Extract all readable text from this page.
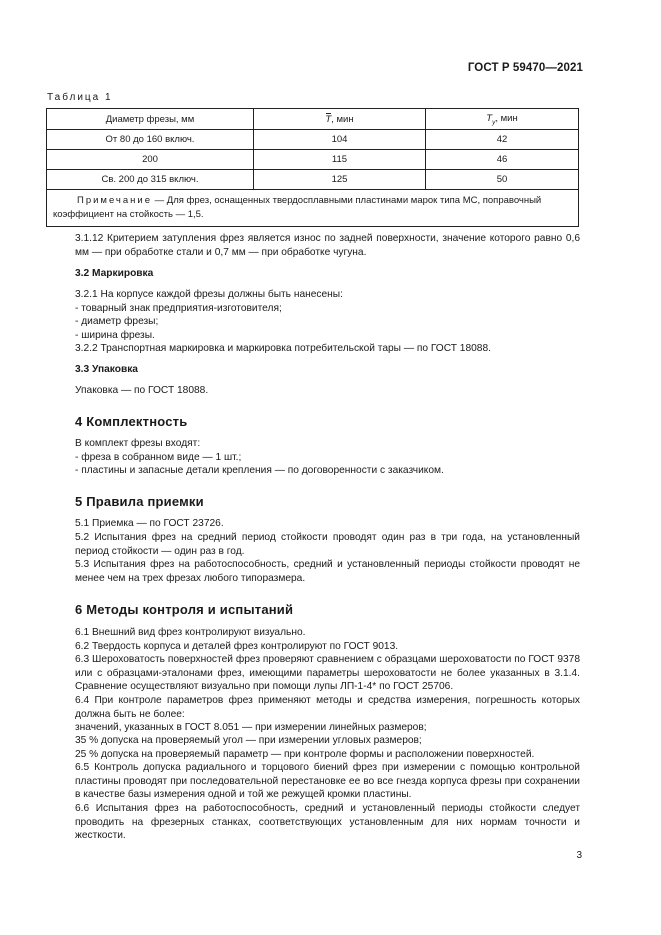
ГОСТ Р 59470—2021
Таблица 1
Диаметр фрезы, мм	T, мин	$T_у$, мин
От 80 до 160 включ.	104	42
200	115	46
Св. 200 до 315 включ.	125	50
Примечание — Для фрез, оснащенных твердосплавными пластинами марок типа МС, поправочный коэффициент на стойкость — 1,5.		

3.1.12 Критерием затупления фрез является износ по задней поверхности, значение которого равно 0,6 мм — при обработке стали и 0,7 мм — при обработке чугуна.

3.2 Маркировка

3.2.1 На корпусе каждой фрезы должны быть нанесены:

- товарный знак предприятия-изготовителя;

- диаметр фрезы;

- ширина фрезы.

3.2.2 Транспортная маркировка и маркировка потребительской тары — по ГОСТ 18088.

3.3 Упаковка

Упаковка — по ГОСТ 18088.

4 Комплектность

В комплект фрезы входят:

- фреза в собранном виде — 1 шт.;

- пластины и запасные детали крепления — по договоренности с заказчиком.

5 Правила приемки

5.1 Приемка — по ГОСТ 23726.

5.2 Испытания фрез на средний период стойкости проводят один раз в три года, на установленный период стойкости — один раз в год.

5.3 Испытания фрез на работоспособность, средний и установленный периоды стойкости проводят не менее чем на трех фрезах любого типоразмера.

6 Методы контроля и испытаний

6.1 Внешний вид фрез контролируют визуально.

6.2 Твердость корпуса и деталей фрез контролируют по ГОСТ 9013.

6.3 Шероховатость поверхностей фрез проверяют сравнением с образцами шероховатости по ГОСТ 9378 или с образцами-эталонами фрез, имеющими параметры шероховатости не более указанных в 3.1.4. Сравнение осуществляют визуально при помощи лупы ЛП-1-4* по ГОСТ 25706.

6.4 При контроле параметров фрез применяют методы и средства измерения, погрешность которых должна быть не более:

значений, указанных в ГОСТ 8.051 — при измерении линейных размеров;

35 % допуска на проверяемый угол — при измерении угловых размеров;

25 % допуска на проверяемый параметр — при контроле формы и расположении поверхностей.

6.5 Контроль допуска радиального и торцового биений фрез при измерении с помощью контрольной пластины проводят при последовательной перестановке ее во все гнезда корпуса фрезы при сохранении в качестве базы измерения одной и той же режущей кромки пластины.

6.6 Испытания фрез на работоспособность, средний и установленный периоды стойкости следует проводить на фрезерных станках, соответствующих установленным для них нормам точности и жесткости.

3
